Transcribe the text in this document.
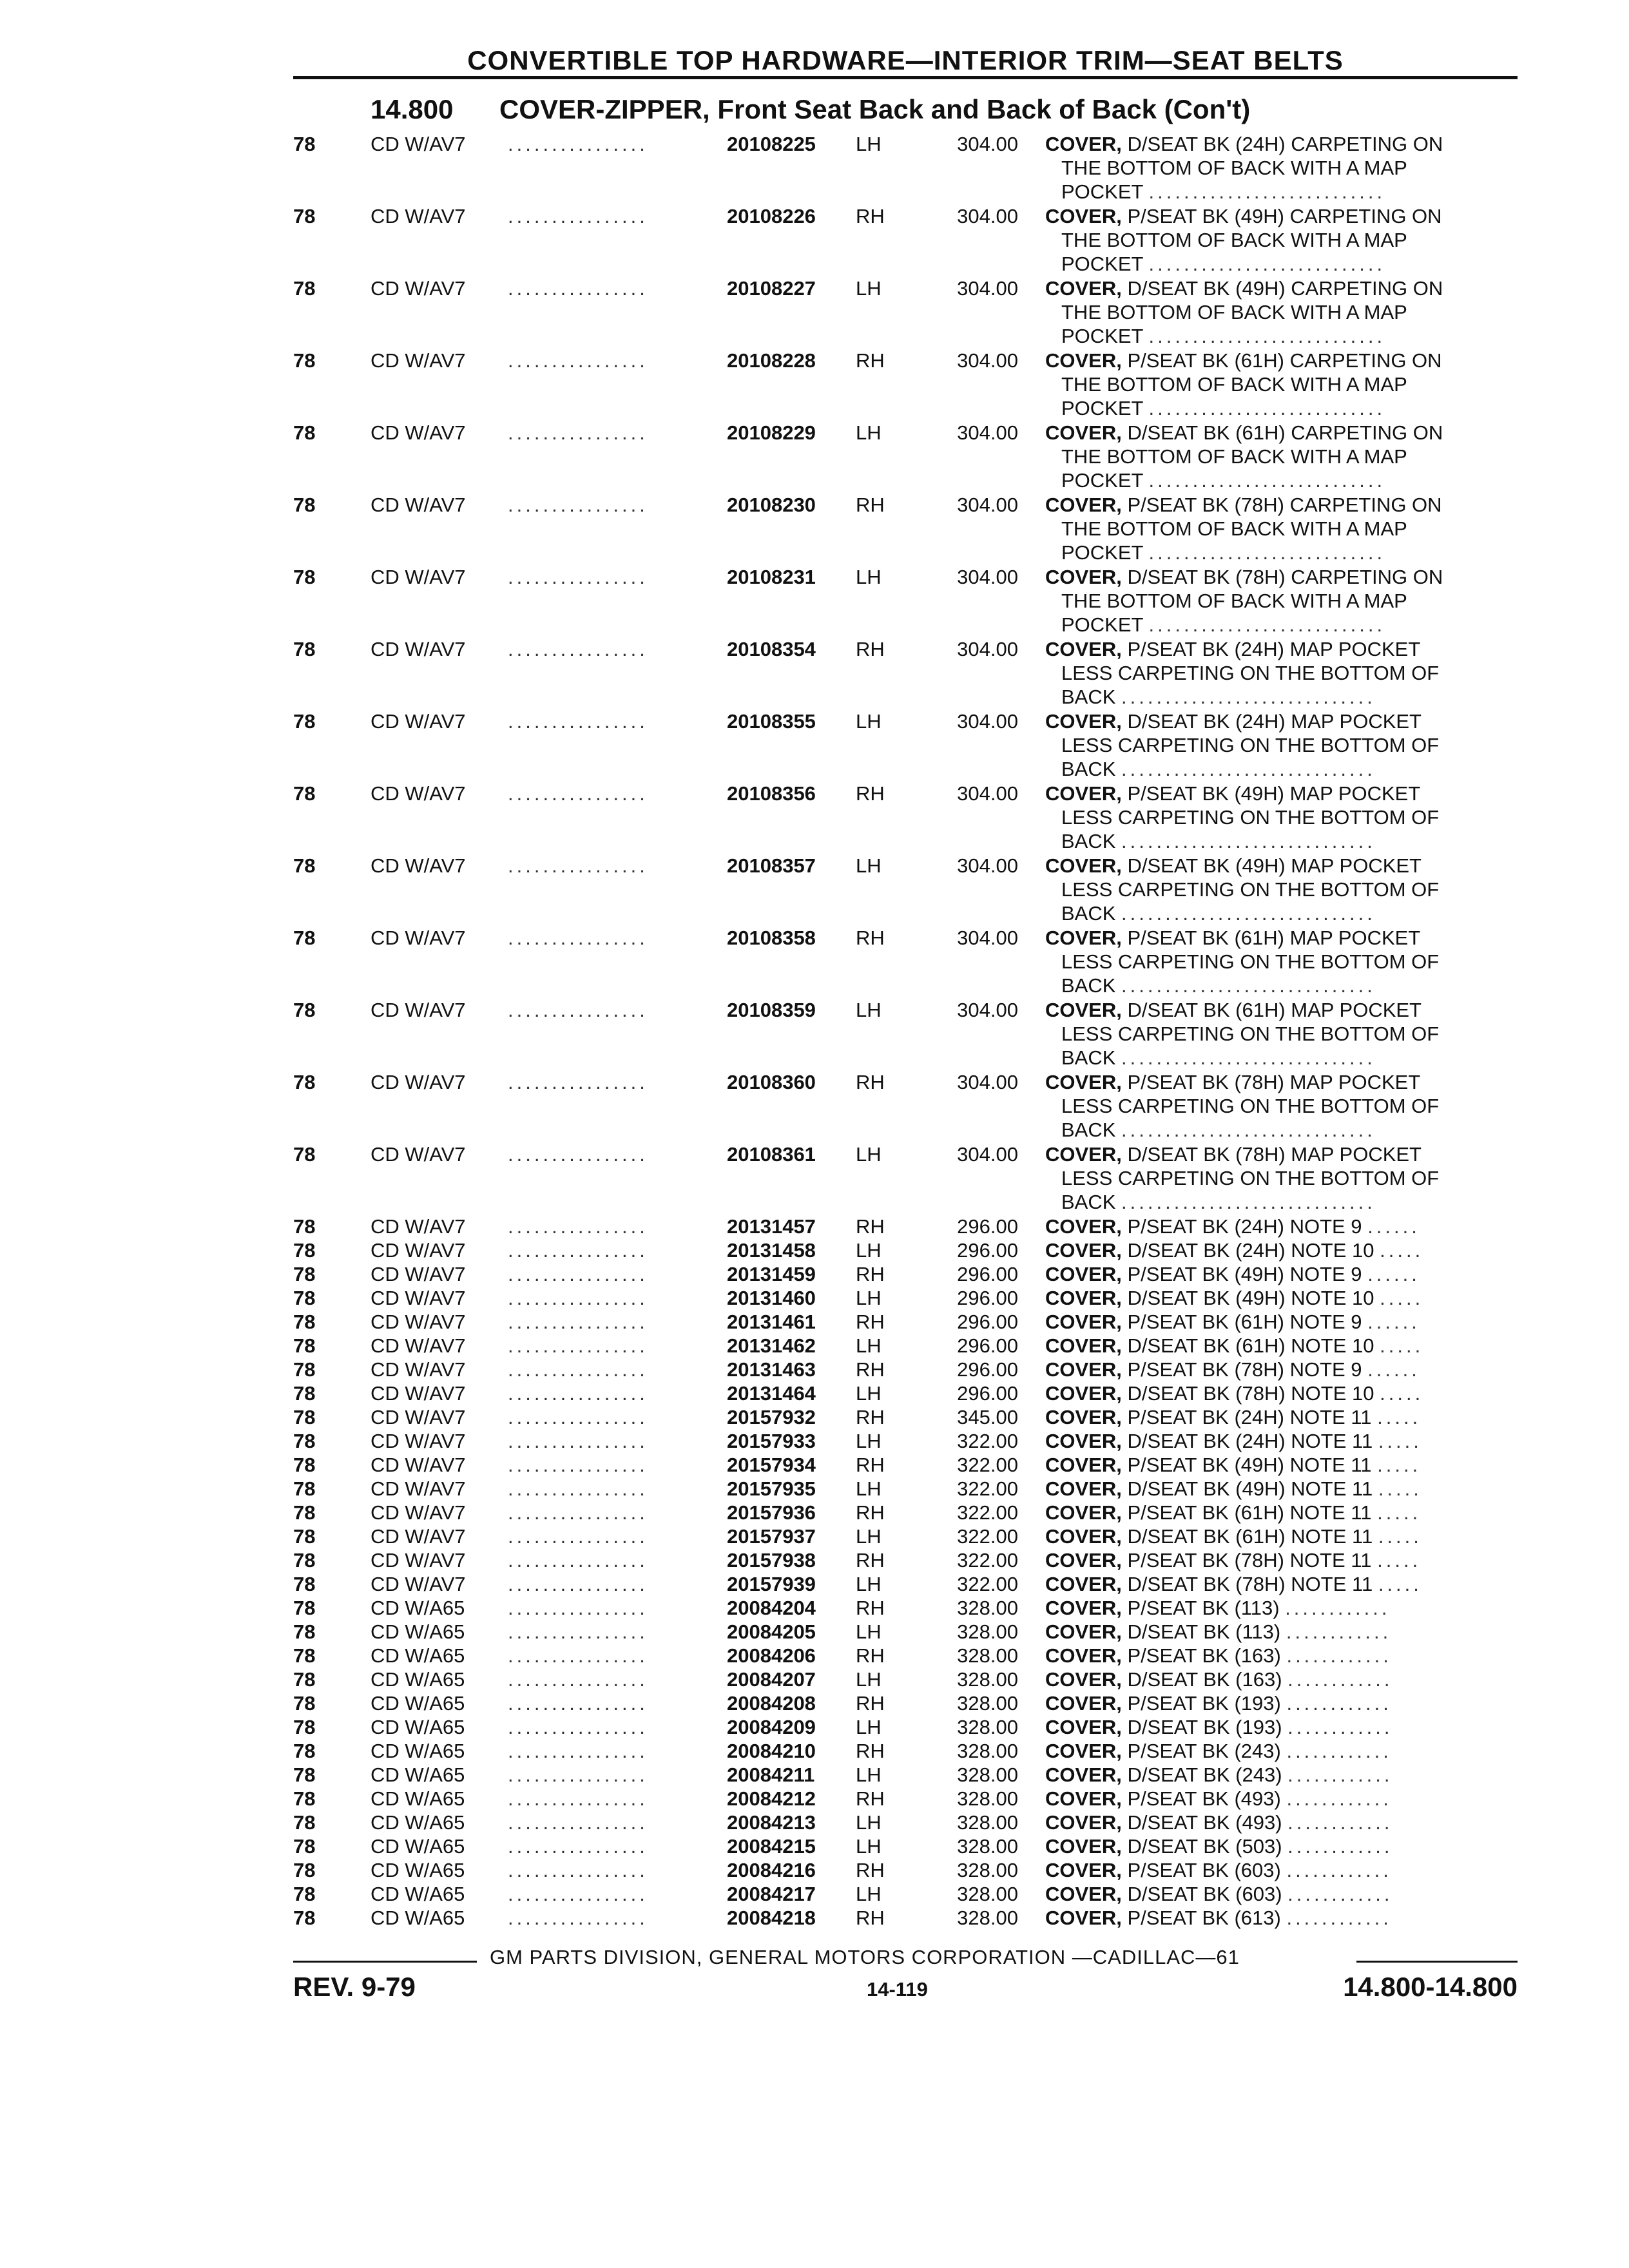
CONVERTIBLE TOP HARDWARE—INTERIOR TRIM—SEAT BELTS
14.800 COVER-ZIPPER, Front Seat Back and Back of Back (Con't)
78	CD W/AV7	................	20108225	LH	304.00 COVER, D/SEAT BK (24H) CARPETING ON
THE BOTTOM OF BACK WITH A MAP
POCKET ...........................
78	CD W/AV7	................	20108226	RH	304.00 COVER, P/SEAT BK (49H) CARPETING ON
THE BOTTOM OF BACK WITH A MAP
POCKET ...........................
78	CD W/AV7	................	20108227	LH	304.00 COVER, D/SEAT BK (49H) CARPETING ON
THE BOTTOM OF BACK WITH A MAP
POCKET ...........................
78	CD W/AV7	................	20108228	RH	304.00 COVER, P/SEAT BK (61H) CARPETING ON
THE BOTTOM OF BACK WITH A MAP
POCKET ...........................
78	CD W/AV7	................	20108229	LH	304.00 COVER, D/SEAT BK (61H) CARPETING ON
THE BOTTOM OF BACK WITH A MAP
POCKET ...........................
78	CD W/AV7	................	20108230	RH	304.00 COVER, P/SEAT BK (78H) CARPETING ON
THE BOTTOM OF BACK WITH A MAP
POCKET ...........................
78	CD W/AV7	................	20108231	LH	304.00 COVER, D/SEAT BK (78H) CARPETING ON
THE BOTTOM OF BACK WITH A MAP
POCKET ...........................
78	CD W/AV7	................	20108354	RH	304.00 COVER, P/SEAT BK (24H) MAP POCKET
LESS CARPETING ON THE BOTTOM OF
BACK .............................
78	CD W/AV7	................	20108355	LH	304.00 COVER, D/SEAT BK (24H) MAP POCKET
LESS CARPETING ON THE BOTTOM OF
BACK .............................
78	CD W/AV7	................	20108356	RH	304.00 COVER, P/SEAT BK (49H) MAP POCKET
LESS CARPETING ON THE BOTTOM OF
BACK .............................
78	CD W/AV7	................	20108357	LH	304.00 COVER, D/SEAT BK (49H) MAP POCKET
LESS CARPETING ON THE BOTTOM OF
BACK .............................
78	CD W/AV7	................	20108358	RH	304.00 COVER, P/SEAT BK (61H) MAP POCKET
LESS CARPETING ON THE BOTTOM OF
BACK .............................
78	CD W/AV7	................	20108359	LH	304.00 COVER, D/SEAT BK (61H) MAP POCKET
LESS CARPETING ON THE BOTTOM OF
BACK .............................
78	CD W/AV7	................	20108360	RH	304.00 COVER, P/SEAT BK (78H) MAP POCKET
LESS CARPETING ON THE BOTTOM OF
BACK .............................
78	CD W/AV7	................	20108361	LH	304.00 COVER, D/SEAT BK (78H) MAP POCKET
LESS CARPETING ON THE BOTTOM OF
BACK .............................
78	CD W/AV7	................	20131457	RH	296.00 COVER, P/SEAT BK (24H) NOTE 9 ......
78	CD W/AV7	................	20131458	LH	296.00 COVER, D/SEAT BK (24H) NOTE 10 .....
78	CD W/AV7	................	20131459	RH	296.00 COVER, P/SEAT BK (49H) NOTE 9 ......
78	CD W/AV7	................	20131460	LH	296.00 COVER, D/SEAT BK (49H) NOTE 10 .....
78	CD W/AV7	................	20131461	RH	296.00 COVER, P/SEAT BK (61H) NOTE 9 ......
78	CD W/AV7	................	20131462	LH	296.00 COVER, D/SEAT BK (61H) NOTE 10 .....
78	CD W/AV7	................	20131463	RH	296.00 COVER, P/SEAT BK (78H) NOTE 9 ......
78	CD W/AV7	................	20131464	LH	296.00 COVER, D/SEAT BK (78H) NOTE 10 .....
78	CD W/AV7	................	20157932	RH	345.00 COVER, P/SEAT BK (24H) NOTE 11 .....
78	CD W/AV7	................	20157933	LH	322.00 COVER, D/SEAT BK (24H) NOTE 11 .....
78	CD W/AV7	................	20157934	RH	322.00 COVER, P/SEAT BK (49H) NOTE 11 .....
78	CD W/AV7	................	20157935	LH	322.00 COVER, D/SEAT BK (49H) NOTE 11 .....
78	CD W/AV7	................	20157936	RH	322.00 COVER, P/SEAT BK (61H) NOTE 11 .....
78	CD W/AV7	................	20157937	LH	322.00 COVER, D/SEAT BK (61H) NOTE 11 .....
78	CD W/AV7	................	20157938	RH	322.00 COVER, P/SEAT BK (78H) NOTE 11 .....
78	CD W/AV7	................	20157939	LH	322.00 COVER, D/SEAT BK (78H) NOTE 11 .....
78	CD W/A65	................	20084204	RH	328.00 COVER, P/SEAT BK (113) ............
78	CD W/A65	................	20084205	LH	328.00 COVER, D/SEAT BK (113) ............
78	CD W/A65	................	20084206	RH	328.00 COVER, P/SEAT BK (163) ............
78	CD W/A65	................	20084207	LH	328.00 COVER, D/SEAT BK (163) ............
78	CD W/A65	................	20084208	RH	328.00 COVER, P/SEAT BK (193) ............
78	CD W/A65	................	20084209	LH	328.00 COVER, D/SEAT BK (193) ............
78	CD W/A65	................	20084210	RH	328.00 COVER, P/SEAT BK (243) ............
78	CD W/A65	................	20084211	LH	328.00 COVER, D/SEAT BK (243) ............
78	CD W/A65	................	20084212	RH	328.00 COVER, P/SEAT BK (493) ............
78	CD W/A65	................	20084213	LH	328.00 COVER, D/SEAT BK (493) ............
78	CD W/A65	................	20084215	LH	328.00 COVER, D/SEAT BK (503) ............
78	CD W/A65	................	20084216	RH	328.00 COVER, P/SEAT BK (603) ............
78	CD W/A65	................	20084217	LH	328.00 COVER, D/SEAT BK (603) ............
78	CD W/A65	................	20084218	RH	328.00 COVER, P/SEAT BK (613) ............
GM PARTS DIVISION, GENERAL MOTORS CORPORATION —CADILLAC—61
REV. 9-79	14-119	14.800-14.800
